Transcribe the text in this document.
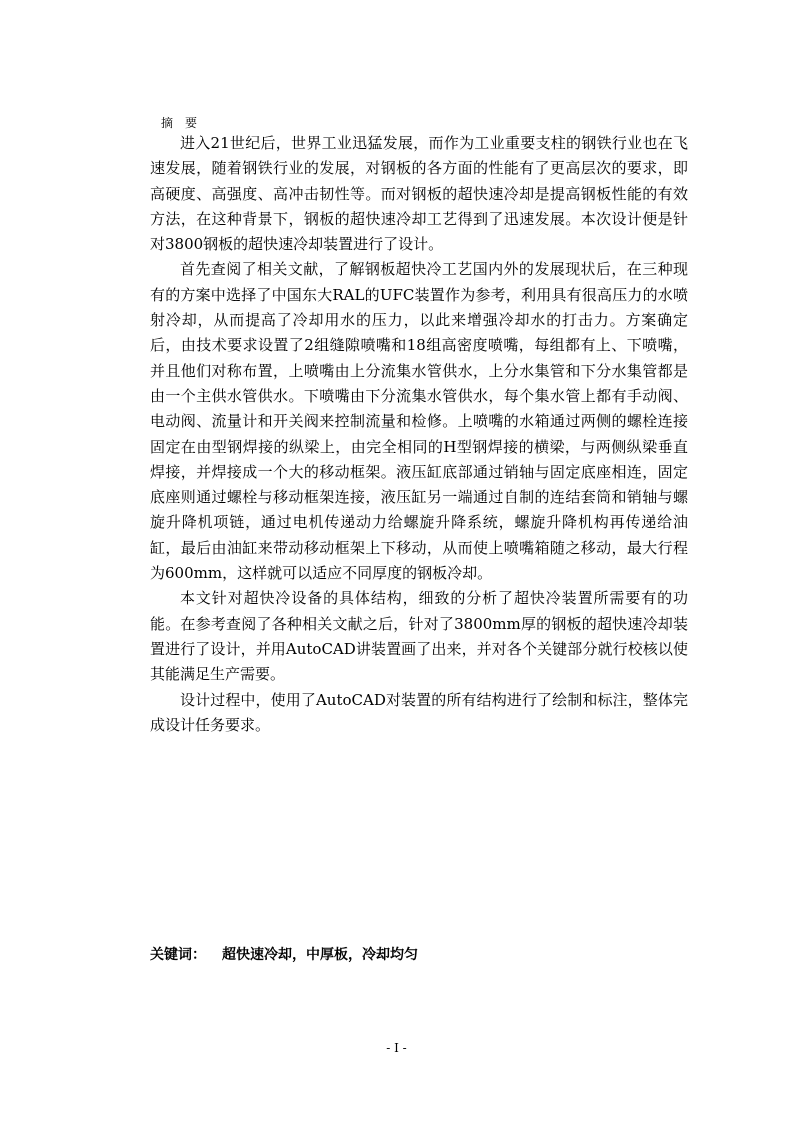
摘要

进入21世纪后，世界工业迅猛发展，而作为工业重要支柱的钢铁行业也在飞速发展，随着钢铁行业的发展，对钢板的各方面的性能有了更高层次的要求，即高硬度、高强度、高冲击韧性等。而对钢板的超快速冷却是提高钢板性能的有效方法，在这种背景下，钢板的超快速冷却工艺得到了迅速发展。本次设计便是针对3800钢板的超快速冷却装置进行了设计。

首先查阅了相关文献，了解钢板超快冷工艺国内外的发展现状后，在三种现有的方案中选择了中国东大RAL的UFC装置作为参考，利用具有很高压力的水喷射冷却，从而提高了冷却用水的压力，以此来增强冷却水的打击力。方案确定后，由技术要求设置了2组缝隙喷嘴和18组高密度喷嘴，每组都有上、下喷嘴，并且他们对称布置，上喷嘴由上分流集水管供水，上分水集管和下分水集管都是由一个主供水管供水。下喷嘴由下分流集水管供水，每个集水管上都有手动阀、电动阀、流量计和开关阀来控制流量和检修。上喷嘴的水箱通过两侧的螺栓连接固定在由型钢焊接的纵梁上，由完全相同的H型钢焊接的横梁，与两侧纵梁垂直焊接，并焊接成一个大的移动框架。液压缸底部通过销轴与固定底座相连，固定底座则通过螺栓与移动框架连接，液压缸另一端通过自制的连结套筒和销轴与螺旋升降机项链，通过电机传递动力给螺旋升降系统，螺旋升降机构再传递给油缸，最后由油缸来带动移动框架上下移动，从而使上喷嘴箱随之移动，最大行程为600mm，这样就可以适应不同厚度的钢板冷却。

本文针对超快冷设备的具体结构，细致的分析了超快冷装置所需要有的功能。在参考查阅了各种相关文献之后，针对了3800mm厚的钢板的超快速冷却装置进行了设计，并用AutoCAD讲装置画了出来，并对各个关键部分就行校核以使其能满足生产需要。

设计过程中，使用了AutoCAD对装置的所有结构进行了绘制和标注，整体完成设计任务要求。

关键词： 超快速冷却，中厚板，冷却均匀
- I -
